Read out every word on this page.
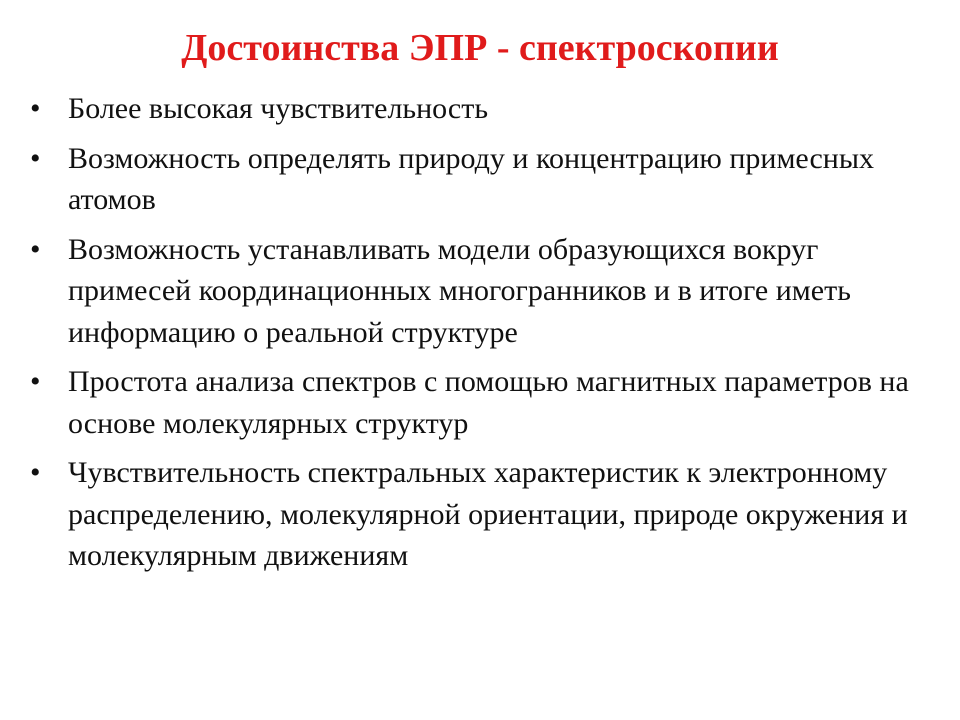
Достоинства ЭПР - спектроскопии
• Более высокая чувствительность
• Возможность определять природу и концентрацию примесных атомов
• Возможность устанавливать модели образующихся вокруг примесей координационных многогранников и в итоге иметь информацию о реальной структуре
• Простота анализа спектров с помощью магнитных параметров на основе молекулярных структур
• Чувствительность спектральных характеристик к электронному распределению, молекулярной ориентации, природе окружения и молекулярным движениям
